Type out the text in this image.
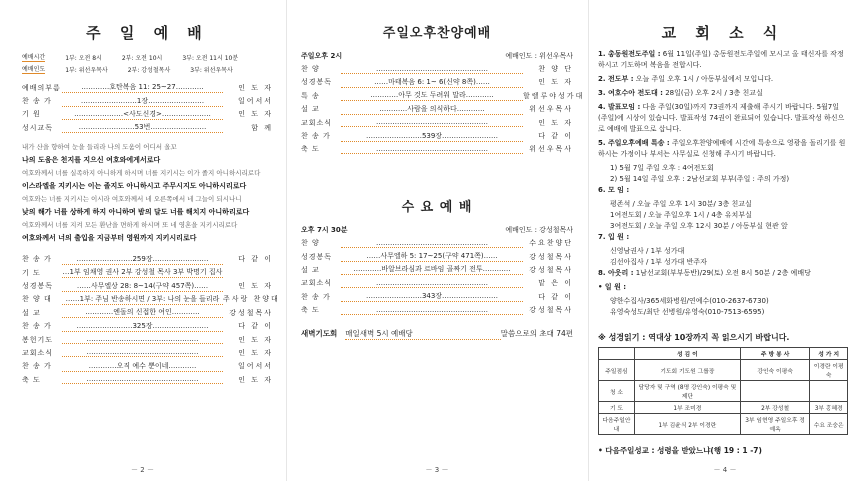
주 일 예 배
예배시간	1부: 오전 8시	2부: 오전 10시	3부: 오전 11시 10분
예배인도	1부: 위선우목사	2부: 강성철목사	3부: 위선우목사
예배의부름	…………호탄복음 11: 25~27…………	인 도 자
찬 송 가	……………………1장……………………	일어서서
기 원	…………………<사도신경>…………………	인 도 자
성시교독	……………………53번……………………	함 께
내가 산을 향하여 눈을 들리라 나의 도움이 어디서 올꼬
나의 도움은 천지를 지으신 여호와에게서로다
여호와께서 너를 실족하지 아니하게 하시며 너를 지키시는 이가 졸지 아니하시리로다
이스라엘을 지키시는 이는 졸지도 아니하시고 주무시지도 아니하시리로다
여호와는 너를 지키시는 이시라 여호와께서 네 오른쪽에서 네 그늘이 되시나니
낮의 해가 너를 상하게 하지 아니하며 밤의 달도 너를 해치지 아니하리로다
여호와께서 너를 지켜 모든 환난을 면하게 하시며 또 네 영혼을 지키시리로다
여호와께서 너의 출입을 지금부터 영원까지 지키시리로다
찬 송 가	……………………259장……………………	다 같 이
기 도	…1부 임채영 권사 2부 강성철 목사 3부 박명기 집사
성경봉독	……사무엘상 28: 8~14(구약 457쪽)……	인 도 자
찬 양 대	……1부: 주님 반송하시면 / 3부: 나의 눈을 들리라 주사랑 찬양대
설 교	…………엔돌의 신접한 여인…………	강성철목사
찬 송 가	……………………325장……………………	다 같 이
봉헌기도	…………………………………………	인 도 자
교회소식	…………………………………………	인 도 자
찬 송 가	…………오직 예수 뿐이네…………	일어서서
축 도	…………………………………………	인 도 자
－ 2 －
주일오후찬양예배
주일오후 2시	예배인도 : 위선우목사
찬 양	…………………………………………	찬 양 단
성경봉독	……마태복음 6: 1~ 6(신약 8쪽)……	인 도 자
특 송	…………아무 것도 두려워 말라…………	할렐루야성가대
설 교	…………사람을 의식하다…………	위선우목사
교회소식	…………………………………………	인 도 자
찬 송 가	……………………539장……………………	다 같 이
축 도	…………………………………………	위선우목사
수 요 예 배
오후 7시 30분	예배인도 : 강성철목사
찬 양	…………………………………………	수요찬양단
성경봉독	……사무엘하 5: 17~25(구약 471쪽)……	강성철목사
설 교	…………바알브라심과 르바임 골짜기 전투…………	강성철목사
교회소식	…………………………………………	맡 은 이
찬 송 가	……………………343장……………………	다 같 이
축 도	…………………………………………	강성철목사
새벽기도회 매일새벽 5시 예배당	말씀으로의 초대 74편
－ 3 －
교 회 소 식
1. 총동원전도주일 : 6월 11일(주일) 총동원전도주일에 모시고 올 태신자를 작정하시고 기도하며 복음을 전합시다.
2. 전도부 : 오늘 주일 오후 1시 / 아동부실에서 모입니다.
3. 여호수아 전도대 : 28일(금) 오후 2시 / 3층 친교실
4. 발표모임 : 다음 주일(30일)까지 73권까지 제출해 주시기 바랍니다. 5월7일(주일)에 시상이 있습니다. 발표작성 74권이 완료되어 있습니다. 발표작성 하신으로 예배에 발표으로 삽니다.
5. 주일오후예배 특송 : 주일오후찬양예배에 시간에 특송으로 영광을 돌리기를 원하시는 가정이나 부서는 사무실로 신청해 주시기 바랍니다.
1) 5월 7일 주일 오후 : 4여전도회
2) 5월 14일 주일 오후 : 2남선교회 부부(주일 : 주의 가정)
6. 모 임 :
평존석 / 오늘 주일 오후 1시 30분/ 3층 친교실
1여전도회 / 오늘 주일오후 1시 / 4층 유치부실
3여전도회 / 오늘 주일 오후 12시 30분 / 아동부실 현관 앞
7. 입 원 :
신영남권사 / 1부 성가대
김선아집사 / 1부 성가대 반주자
8. 아웃리 : 1남선교회(부부동반)/29(토) 오전 8시 50분 / 2층 예배당
• 일 원 :
양한수집사/365세화병원/연예수(010-2637-6730)
유영숙성도/최단 선병원/유영숙(010-7513-6595)
※ 성경읽기 : 역대상 10장까지 꼭 읽으시기 바랍니다.
	성 김 이	주 방 봉 사	성 가 지
주일점심	기도회 기도원 그룹장	강인숙 이평숙	이경란 이평숙
청 소	담당자 및 구역 (8명 강인숙) 이평숙 및 제단		
기 도	1부 조미경	2부 강성철	3부 홍혜경
다음주일안내	1부 김윤식 2부 이경란	3부 임현영 주일오후 정예옥	수요 조숭은
• 다음주일성교 : 성령을 받았느냐(행 19 : 1 -7)
－ 4 －
